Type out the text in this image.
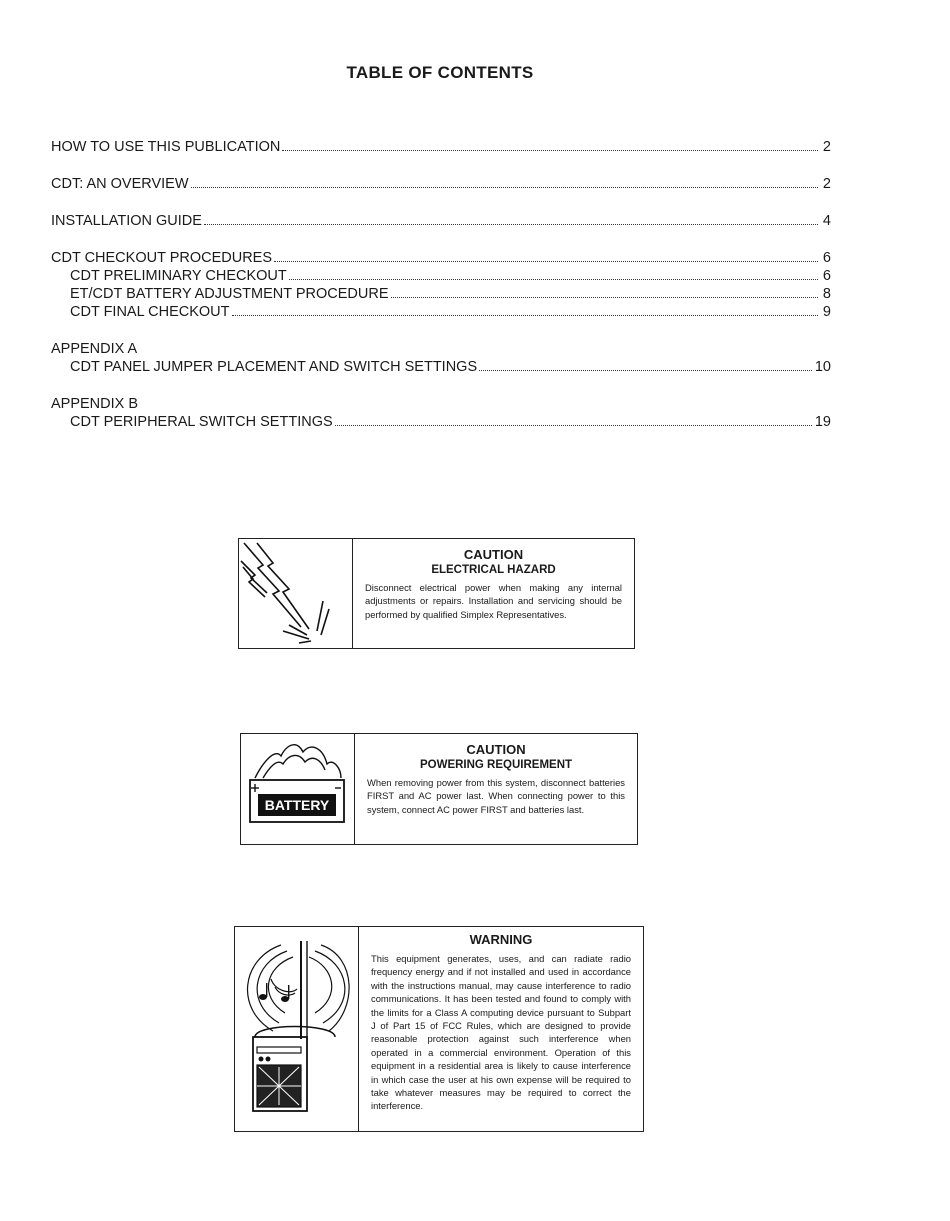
TABLE OF CONTENTS
HOW TO USE THIS PUBLICATION	2
CDT: AN OVERVIEW	2
INSTALLATION GUIDE	4
CDT CHECKOUT PROCEDURES	6
CDT PRELIMINARY CHECKOUT	6
ET/CDT BATTERY ADJUSTMENT PROCEDURE	8
CDT FINAL CHECKOUT	9
APPENDIX A
CDT PANEL JUMPER PLACEMENT AND SWITCH SETTINGS	10
APPENDIX B
CDT PERIPHERAL SWITCH SETTINGS	19
CAUTION
ELECTRICAL HAZARD
Disconnect electrical power when making any internal adjustments or repairs. Installation and servicing should be performed by qualified Simplex Representatives.
BATTERY
CAUTION
POWERING REQUIREMENT
When removing power from this system, disconnect batteries FIRST and AC power last. When connecting power to this system, connect AC power FIRST and batteries last.
WARNING
This equipment generates, uses, and can radiate radio frequency energy and if not installed and used in accordance with the instructions manual, may cause interference to radio communications. It has been tested and found to comply with the limits for a Class A computing device pursuant to Subpart J of Part 15 of FCC Rules, which are designed to provide reasonable protection against such interference when operated in a commercial environment. Operation of this equipment in a residential area is likely to cause interference in which case the user at his own expense will be required to take whatever measures may be required to correct the interference.
